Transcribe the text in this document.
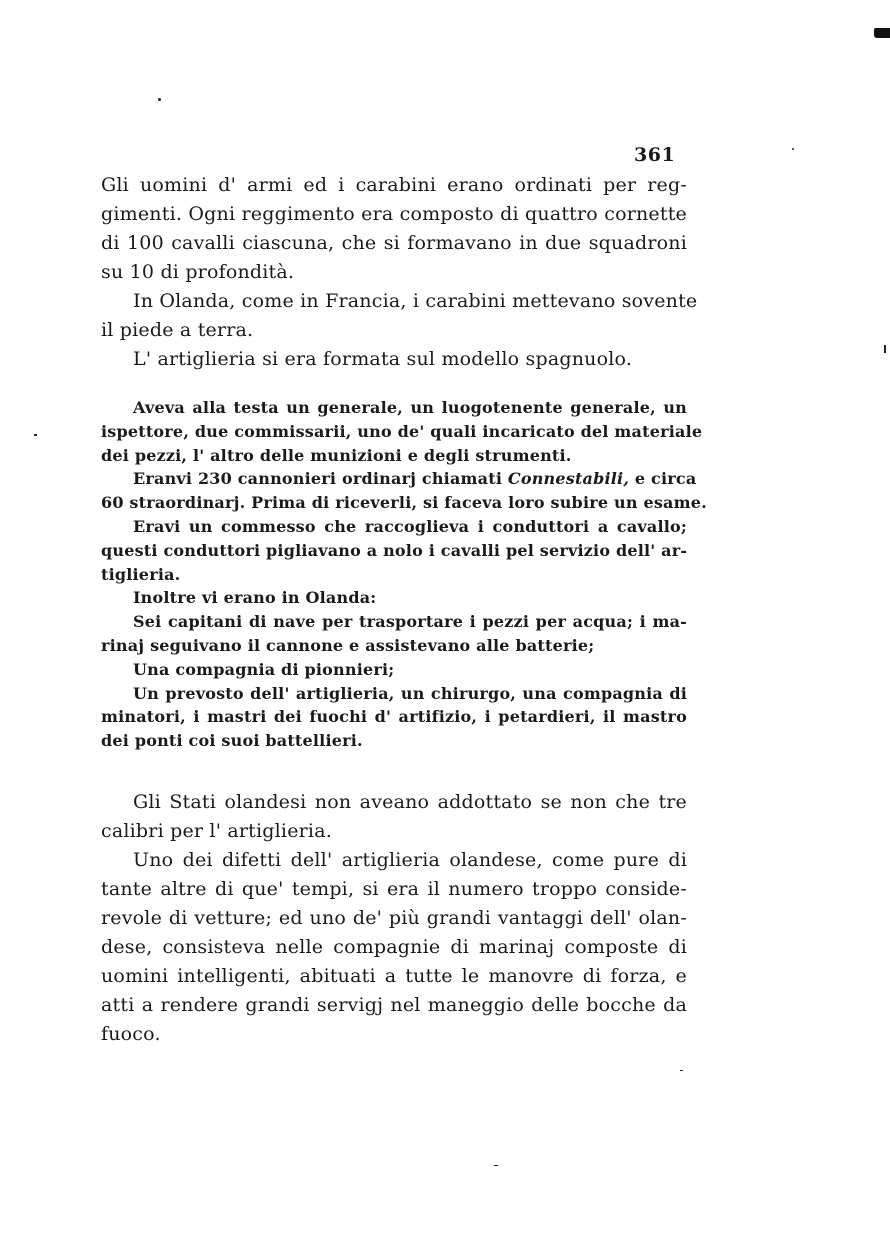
361
Gli uomini d' armi ed i carabini erano ordinati per reg-
gimenti. Ogni reggimento era composto di quattro cornette
di 100 cavalli ciascuna, che si formavano in due squadroni
su 10 di profondità.
In Olanda, come in Francia, i carabini mettevano sovente
il piede a terra.
L' artiglieria si era formata sul modello spagnuolo.
Aveva alla testa un generale, un luogotenente generale, un
ispettore, due commissarii, uno de' quali incaricato del materiale
dei pezzi, l' altro delle munizioni e degli strumenti.
Eranvi 230 cannonieri ordinarj chiamati Connestabili, e circa
60 straordinarj. Prima di riceverli, si faceva loro subire un esame.
Eravi un commesso che raccoglieva i conduttori a cavallo;
questi conduttori pigliavano a nolo i cavalli pel servizio dell' ar-
tiglieria.
Inoltre vi erano in Olanda:
Sei capitani di nave per trasportare i pezzi per acqua; i ma-
rinaj seguivano il cannone e assistevano alle batterie;
Una compagnia di pionnieri;
Un prevosto dell' artiglieria, un chirurgo, una compagnia di
minatori, i mastri dei fuochi d' artifizio, i petardieri, il mastro
dei ponti coi suoi battellieri.
Gli Stati olandesi non aveano addottato se non che tre
calibri per l' artiglieria.
Uno dei difetti dell' artiglieria olandese, come pure di
tante altre di que' tempi, si era il numero troppo conside-
revole di vetture; ed uno de' più grandi vantaggi dell' olan-
dese, consisteva nelle compagnie di marinaj composte di
uomini intelligenti, abituati a tutte le manovre di forza, e
atti a rendere grandi servigj nel maneggio delle bocche da
fuoco.
